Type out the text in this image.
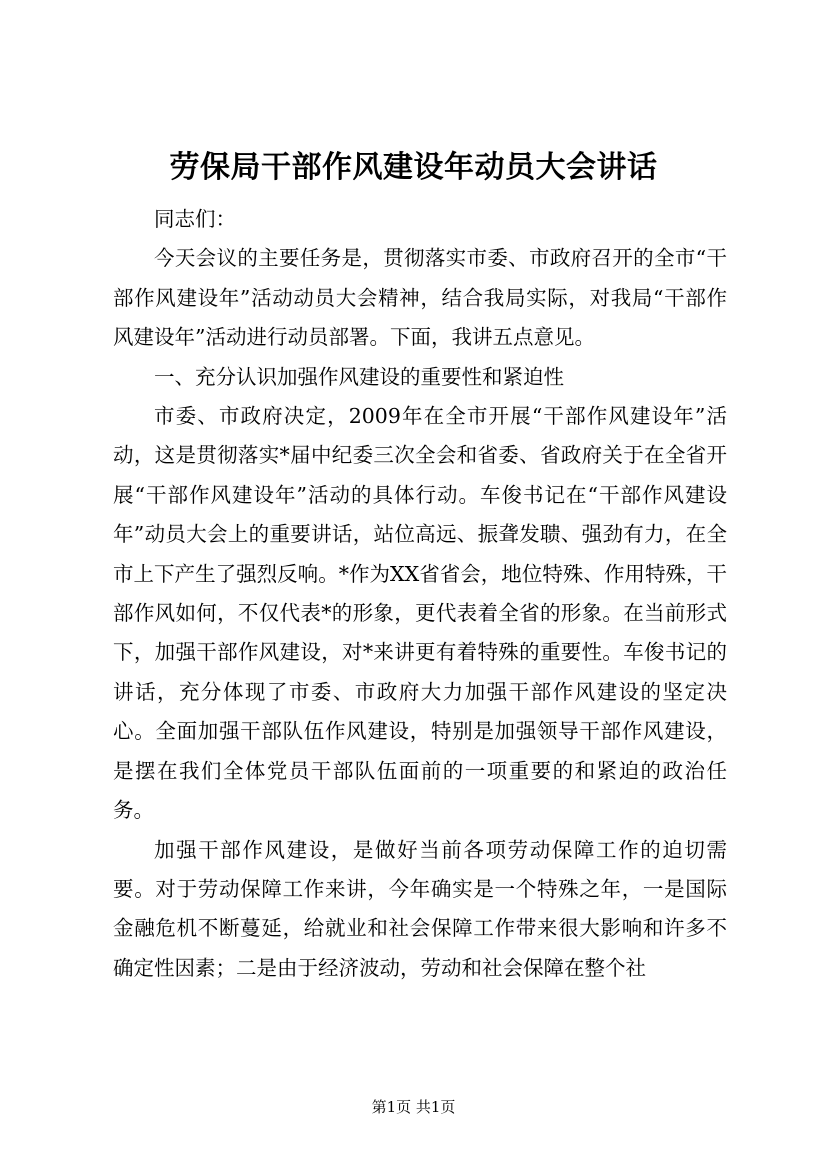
劳保局干部作风建设年动员大会讲话

同志们：

今天会议的主要任务是，贯彻落实市委、市政府召开的全市“干部作风建设年”活动动员大会精神，结合我局实际，对我局“干部作风建设年”活动进行动员部署。下面，我讲五点意见。

一、充分认识加强作风建设的重要性和紧迫性

市委、市政府决定，2009年在全市开展“干部作风建设年”活动，这是贯彻落实*届中纪委三次全会和省委、省政府关于在全省开展“干部作风建设年”活动的具体行动。车俊书记在“干部作风建设年”动员大会上的重要讲话，站位高远、振聋发聩、强劲有力，在全市上下产生了强烈反响。*作为XX省省会，地位特殊、作用特殊，干部作风如何，不仅代表*的形象，更代表着全省的形象。在当前形式下，加强干部作风建设，对*来讲更有着特殊的重要性。车俊书记的讲话，充分体现了市委、市政府大力加强干部作风建设的坚定决心。全面加强干部队伍作风建设，特别是加强领导干部作风建设，是摆在我们全体党员干部队伍面前的一项重要的和紧迫的政治任务。

加强干部作风建设，是做好当前各项劳动保障工作的迫切需要。对于劳动保障工作来讲，今年确实是一个特殊之年，一是国际金融危机不断蔓延，给就业和社会保障工作带来很大影响和许多不确定性因素；二是由于经济波动，劳动和社会保障在整个社

第1页 共1页
